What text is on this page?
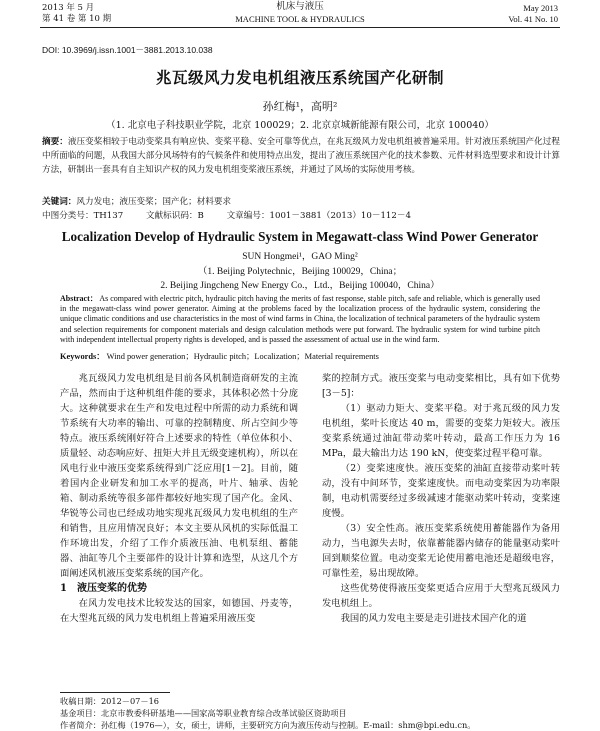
2013 年 5 月
第 41 卷 第 10 期
机床与液压
MACHINE TOOL & HYDRAULICS
May 2013
Vol. 41 No. 10
DOI: 10.3969/j.issn.1001－3881.2013.10.038
兆瓦级风力发电机组液压系统国产化研制
孙红梅¹，高明²
（1. 北京电子科技职业学院，北京 100029；2. 北京京城新能源有限公司，北京 100040）
摘要：液压变桨相较于电动变桨具有响应快、变桨平稳、安全可靠等优点，在兆瓦级风力发电机组被普遍采用。针对液压系统国产化过程中所面临的问题，从我国大部分风场特有的气候条件和使用特点出发，提出了液压系统国产化的技术参数、元件材料选型要求和设计计算方法，研制出一套具有自主知识产权的风力发电机组变桨液压系统，并通过了风场的实际使用考核。
关键词：风力发电；液压变桨；国产化；材料要求
中图分类号：TH137	文献标识码：B	文章编号：1001－3881（2013）10－112－4
Localization Develop of Hydraulic System in Megawatt-class Wind Power Generator
SUN Hongmei¹，GAO Ming²
（1. Beijing Polytechnic，Beijing 100029，China；
2. Beijing Jingcheng New Energy Co.，Ltd.，Beijing 100040，China）
Abstract： As compared with electric pitch, hydraulic pitch having the merits of fast response, stable pitch, safe and reliable, which is generally used in the megawatt-class wind power generator. Aiming at the problems faced by the localization process of the hydraulic system, considering the unique climatic conditions and use characteristics in the most of wind farms in China, the localization of technical parameters of the hydraulic system and selection requirements for component materials and design calculation methods were put forward. The hydraulic system for wind turbine pitch with independent intellectual property rights is developed, and is passed the assessment of actual use in the wind farm.
Keywords： Wind power generation；Hydraulic pitch；Localization；Material requirements

兆瓦级风力发电机组是目前各风机制造商研发的主流产品，然而由于这种机组件能的要求，其体积必然十分庞大。这种就要求在生产和发电过程中所需的动力系统和调节系统有大功率的输出、可靠的控制精度、所占空间少等特点。液压系统刚好符合上述要求的特性（单位体积小、质量轻、动态响应好、扭矩大并且无级变速机构），所以在风电行业中液压变桨系统得到广泛应用[1－2]。目前，随着国内企业研发和加工水平的提高，叶片、轴承、齿轮箱、制动系统等很多部件都较好地实现了国产化。金风、华锐等公司也已经成功地实现兆瓦级风力发电机组的生产和销售，且应用情况良好；本文主要从风机的实际低温工作环境出发，介绍了工作介质液压油、电机泵组、蓄能器、油缸等几个主要部件的设计计算和选型，从这几个方面阐述风机液压变桨系统的国产化。

1　液压变桨的优势

在风力发电技术比较发达的国家，如德国、丹麦等，在大型兆瓦级的风力发电机组上普遍采用液压变

桨的控制方式。液压变桨与电动变桨相比，具有如下优势[3－5]：

（1）驱动力矩大、变桨平稳。对于兆瓦级的风力发电机组，桨叶长度达 40 m，需要的变桨力矩较大。液压变桨系统通过油缸带动桨叶转动，最高工作压力为 16 MPa，最大输出力达 190 kN，使变桨过程平稳可靠。

（2）变桨速度快。液压变桨的油缸直接带动桨叶转动，没有中间环节，变桨速度快。而电动变桨因为功率限制，电动机需要经过多级减速才能驱动桨叶转动，变桨速度慢。

（3）安全性高。液压变桨系统使用蓄能器作为备用动力，当电源失去时，依靠蓄能器内储存的能量驱动桨叶回到顺桨位置。电动变桨无论使用蓄电池还是超级电容，可靠性差，易出现故障。

这些优势使得液压变桨更适合应用于大型兆瓦级风力发电机组上。

我国的风力发电主要是走引进技术国产化的道

收稿日期：2012－07－16
基金项目：北京市教委科研基地——国家高等职业教育综合改革试验区资助项目
作者简介：孙红梅（1976—），女，硕士，讲师，主要研究方向为液压传动与控制。E-mail：shm@bpi.edu.cn。
